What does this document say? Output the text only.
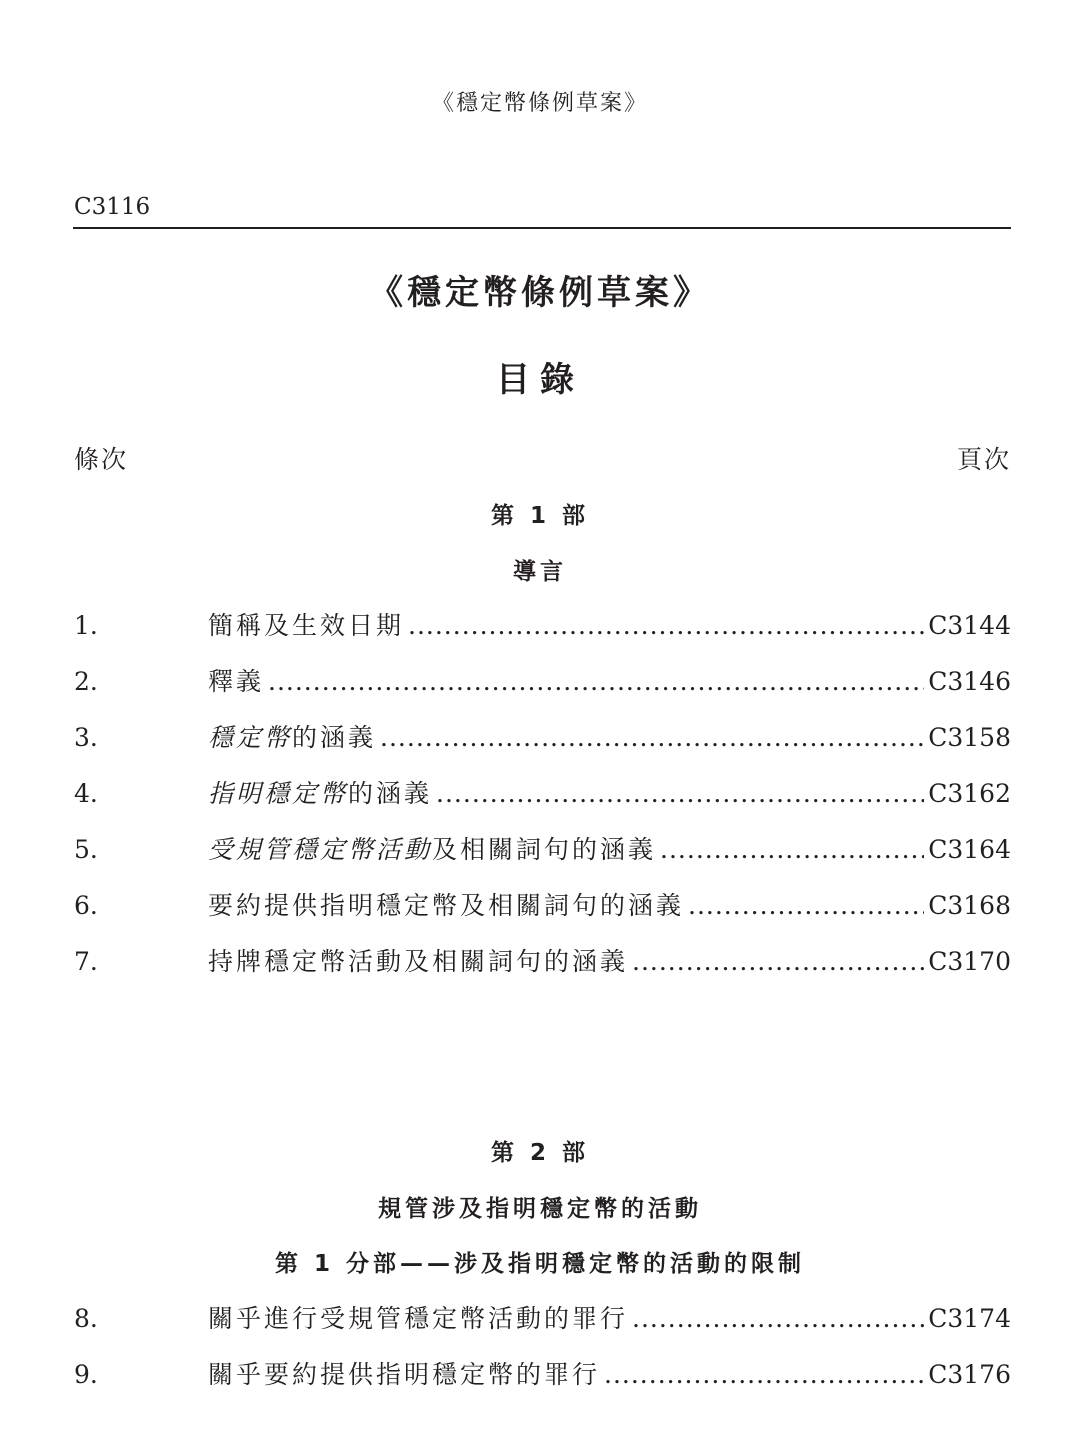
《穩定幣條例草案》
C3116
《穩定幣條例草案》
目錄
條次	頁次
第 1 部
導言
1.	簡稱及生效日期 .....	C3144
2.	釋義 .....	C3146
3.	穩定幣的涵義 .....	C3158
4.	指明穩定幣的涵義 .....	C3162
5.	受規管穩定幣活動及相關詞句的涵義 .....	C3164
6.	要約提供指明穩定幣及相關詞句的涵義 .....	C3168
7.	持牌穩定幣活動及相關詞句的涵義 .....	C3170
第 2 部
規管涉及指明穩定幣的活動
第 1 分部——涉及指明穩定幣的活動的限制
8.	關乎進行受規管穩定幣活動的罪行 .....	C3174
9.	關乎要約提供指明穩定幣的罪行 .....	C3176
